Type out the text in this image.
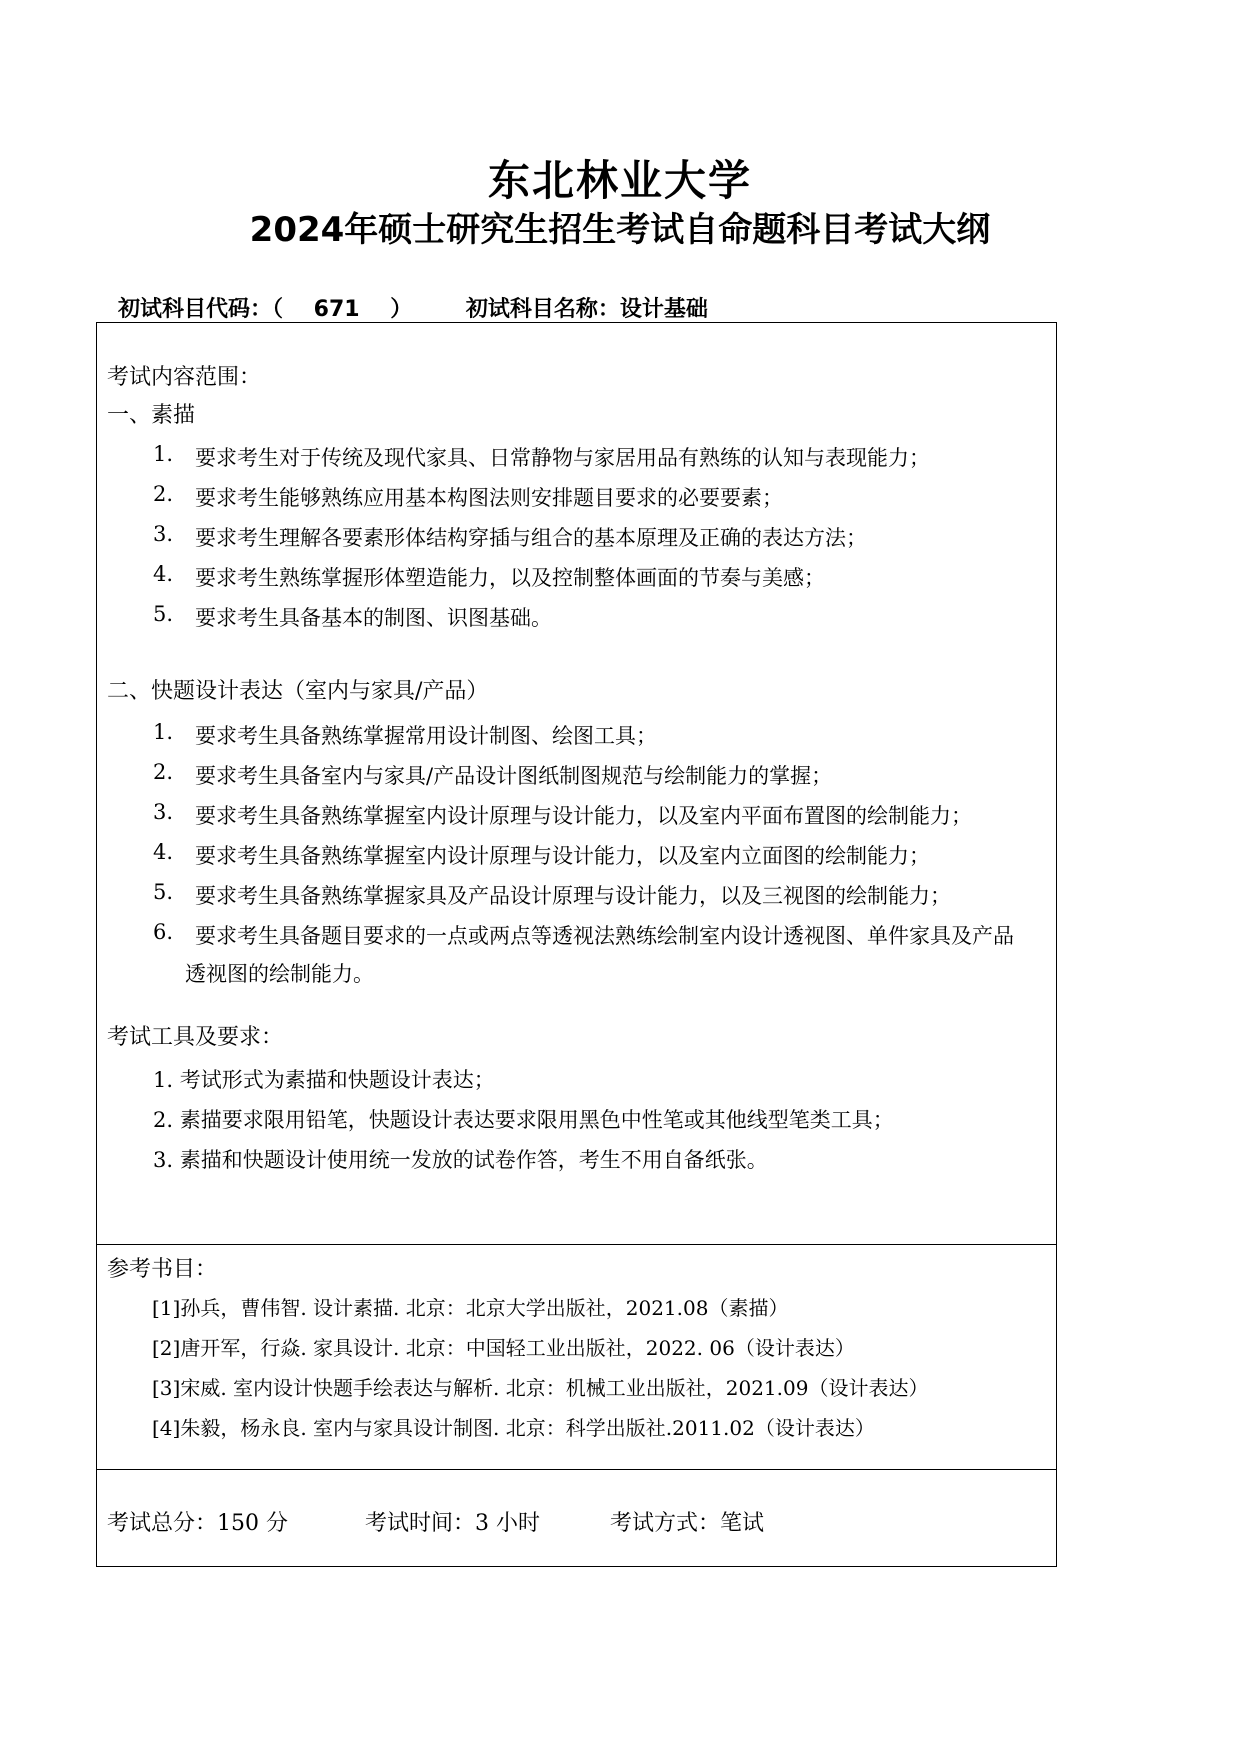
东北林业大学
2024年硕士研究生招生考试自命题科目考试大纲
初试科目代码：（ 671 ） 初试科目名称：设计基础
考试内容范围：
一、素描
1. 要求考生对于传统及现代家具、日常静物与家居用品有熟练的认知与表现能力；
2. 要求考生能够熟练应用基本构图法则安排题目要求的必要要素；
3. 要求考生理解各要素形体结构穿插与组合的基本原理及正确的表达方法；
4. 要求考生熟练掌握形体塑造能力，以及控制整体画面的节奏与美感；
5. 要求考生具备基本的制图、识图基础。
二、快题设计表达（室内与家具/产品）
1. 要求考生具备熟练掌握常用设计制图、绘图工具；
2. 要求考生具备室内与家具/产品设计图纸制图规范与绘制能力的掌握；
3. 要求考生具备熟练掌握室内设计原理与设计能力，以及室内平面布置图的绘制能力；
4. 要求考生具备熟练掌握室内设计原理与设计能力，以及室内立面图的绘制能力；
5. 要求考生具备熟练掌握家具及产品设计原理与设计能力，以及三视图的绘制能力；
6. 要求考生具备题目要求的一点或两点等透视法熟练绘制室内设计透视图、单件家具及产品
透视图的绘制能力。
考试工具及要求：
1. 考试形式为素描和快题设计表达；
2. 素描要求限用铅笔，快题设计表达要求限用黑色中性笔或其他线型笔类工具；
3. 素描和快题设计使用统一发放的试卷作答，考生不用自备纸张。
参考书目：
[1]孙兵，曹伟智. 设计素描. 北京：北京大学出版社，2021.08（素描）
[2]唐开军，行焱. 家具设计. 北京：中国轻工业出版社，2022. 06（设计表达）
[3]宋威. 室内设计快题手绘表达与解析. 北京：机械工业出版社，2021.09（设计表达）
[4]朱毅，杨永良. 室内与家具设计制图. 北京：科学出版社.2011.02（设计表达）
考试总分：150 分	考试时间：3 小时	考试方式：笔试
